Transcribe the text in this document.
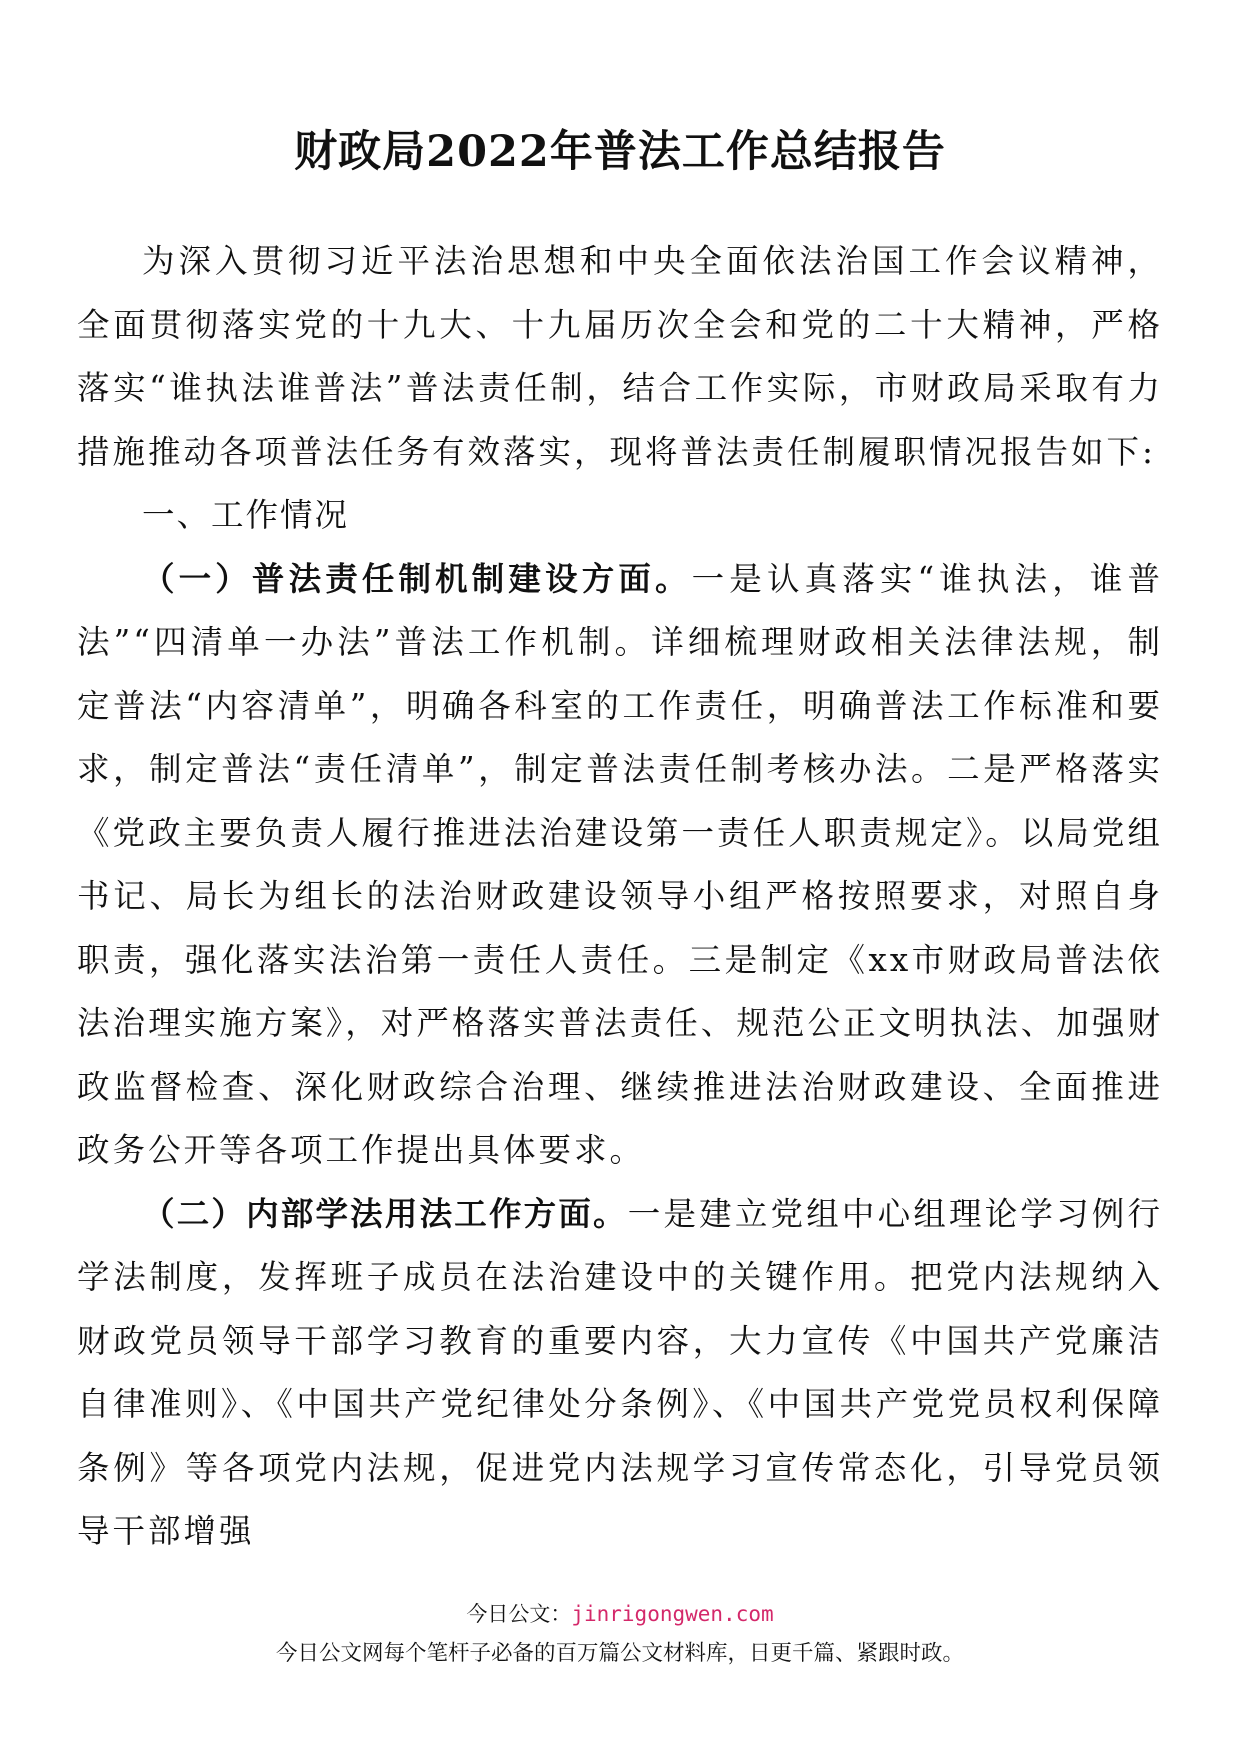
财政局2022年普法工作总结报告

为深入贯彻习近平法治思想和中央全面依法治国工作会议精神，全面贯彻落实党的十九大、十九届历次全会和党的二十大精神，严格落实“谁执法谁普法”普法责任制，结合工作实际，市财政局采取有力措施推动各项普法任务有效落实，现将普法责任制履职情况报告如下:

一、工作情况

（一）普法责任制机制建设方面。一是认真落实“谁执法，谁普法”“四清单一办法”普法工作机制。详细梳理财政相关法律法规，制定普法“内容清单”，明确各科室的工作责任，明确普法工作标准和要求，制定普法“责任清单”，制定普法责任制考核办法。二是严格落实《党政主要负责人履行推进法治建设第一责任人职责规定》。以局党组书记、局长为组长的法治财政建设领导小组严格按照要求，对照自身职责，强化落实法治第一责任人责任。三是制定《xx市财政局普法依法治理实施方案》，对严格落实普法责任、规范公正文明执法、加强财政监督检查、深化财政综合治理、继续推进法治财政建设、全面推进政务公开等各项工作提出具体要求。

（二）内部学法用法工作方面。一是建立党组中心组理论学习例行学法制度，发挥班子成员在法治建设中的关键作用。把党内法规纳入财政党员领导干部学习教育的重要内容，大力宣传《中国共产党廉洁自律准则》、《中国共产党纪律处分条例》、《中国共产党党员权利保障条例》等各项党内法规，促进党内法规学习宣传常态化，引导党员领导干部增强

今日公文：jinrigongwen.com
今日公文网每个笔杆子必备的百万篇公文材料库，日更千篇、紧跟时政。
